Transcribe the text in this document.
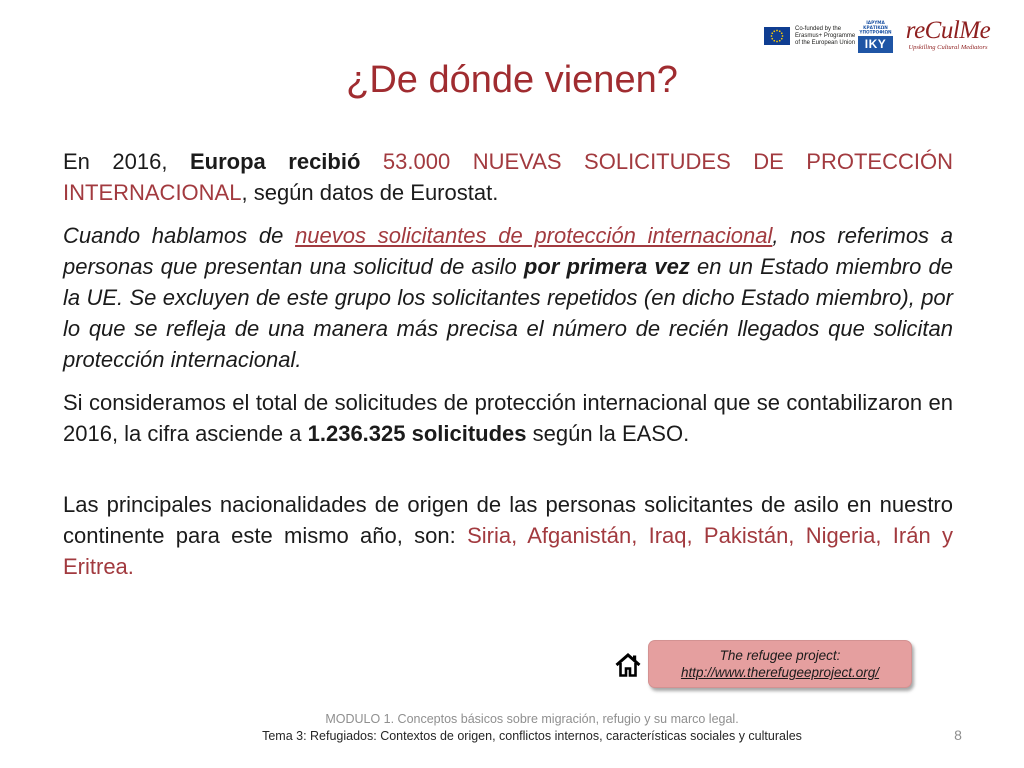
Co-funded by the
Erasmus+ Programme
of the European Union
ΙΔΡΥΜΑ
ΚΡΑΤΙΚΩΝ
ΥΠΟΤΡΟΦΙΩΝ
IKY reCulMe
Upskilling Cultural Mediators
¿De dónde vienen?

En 2016, Europa recibió 53.000 NUEVAS SOLICITUDES DE PROTECCIÓN INTERNACIONAL, según datos de Eurostat.

Cuando hablamos de nuevos solicitantes de protección internacional, nos referimos a personas que presentan una solicitud de asilo por primera vez en un Estado miembro de la UE. Se excluyen de este grupo los solicitantes repetidos (en dicho Estado miembro), por lo que se refleja de una manera más precisa el número de recién llegados que solicitan protección internacional.

Si consideramos el total de solicitudes de protección internacional que se contabilizaron en 2016, la cifra asciende a 1.236.325 solicitudes según la EASO.

Las principales nacionalidades de origen de las personas solicitantes de asilo en nuestro continente para este mismo año, son: Siria, Afganistán, Iraq, Pakistán, Nigeria, Irán y Eritrea.

The refugee project:
http://www.therefugeeproject.org/
MODULO 1. Conceptos básicos sobre migración, refugio y su marco legal.
Tema 3: Refugiados: Contextos de origen, conflictos internos, características sociales y culturales	8
